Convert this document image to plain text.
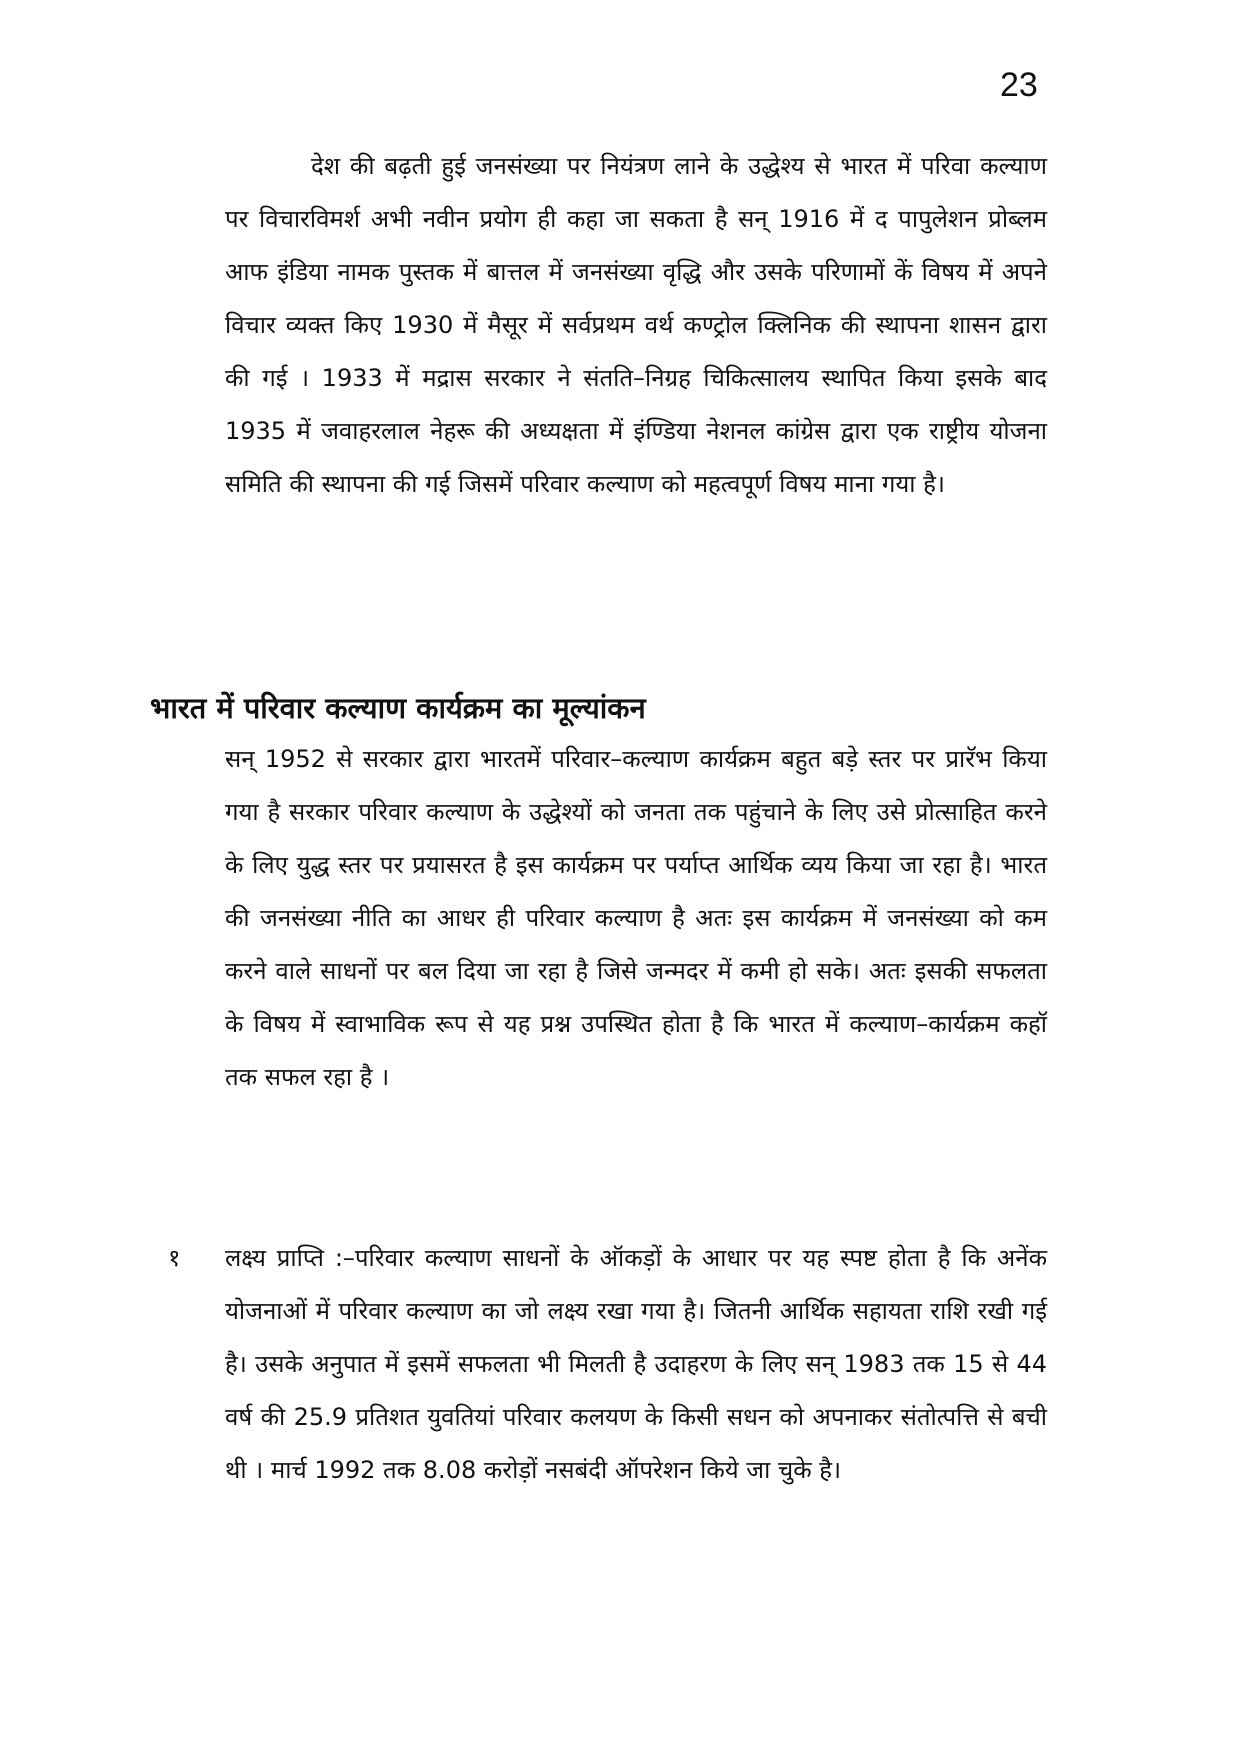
23

देश की बढ़ती हुई जनसंख्या पर नियंत्रण लाने के उद्धेश्य से भारत में परिवा कल्याण पर विचारविमर्श अभी नवीन प्रयोग ही कहा जा सकता है सन् 1916 में द पापुलेशन प्रोब्लम आफ इंडिया नामक पुस्तक में बात्तल में जनसंख्या वृद्धि और उसके परिणामों कें विषय में अपने विचार व्यक्त किए 1930 में मैसूर में सर्वप्रथम वर्थ कण्ट्रोल क्लिनिक की स्थापना शासन द्वारा की गई । 1933 में मद्रास सरकार ने संतति–निग्रह चिकित्सालय स्थापित किया इसके बाद 1935 में जवाहरलाल नेहरू की अध्यक्षता में इंण्डिया नेशनल कांग्रेस द्वारा एक राष्ट्रीय योजना समिति की स्थापना की गई जिसमें परिवार कल्याण को महत्वपूर्ण विषय माना गया है।

भारत में परिवार कल्याण कार्यक्रम का मूल्यांकन

सन् 1952 से सरकार द्वारा भारतमें परिवार–कल्याण कार्यक्रम बहुत बड़े स्तर पर प्रारॅभ किया गया है सरकार परिवार कल्याण के उद्धेश्यों को जनता तक पहुंचाने के लिए उसे प्रोत्साहित करने के लिए युद्ध स्तर पर प्रयासरत है इस कार्यक्रम पर पर्याप्त आर्थिक व्यय किया जा रहा है। भारत की जनसंख्या नीति का आधर ही परिवार कल्याण है अतः इस कार्यक्रम में जनसंख्या को कम करने वाले साधनों पर बल दिया जा रहा है जिसे जन्मदर में कमी हो सके। अतः इसकी सफलता के विषय में स्वाभाविक रूप से यह प्रश्न उपस्थित होता है कि भारत में कल्याण–कार्यक्रम कहॉ तक सफल रहा है ।

१ लक्ष्य प्राप्ति :–परिवार कल्याण साधनों के ऑकड़ों के आधार पर यह स्पष्ट होता है कि अनेंक योजनाओं में परिवार कल्याण का जो लक्ष्य रखा गया है। जितनी आर्थिक सहायता राशि रखी गई है। उसके अनुपात में इसमें सफलता भी मिलती है उदाहरण के लिए सन् 1983 तक 15 से 44 वर्ष की 25.9 प्रतिशत युवतियां परिवार कलयण के किसी सधन को अपनाकर संतोत्पत्ति से बची थी । मार्च 1992 तक 8.08 करोड़ों नसबंदी ऑपरेशन किये जा चुके है।
